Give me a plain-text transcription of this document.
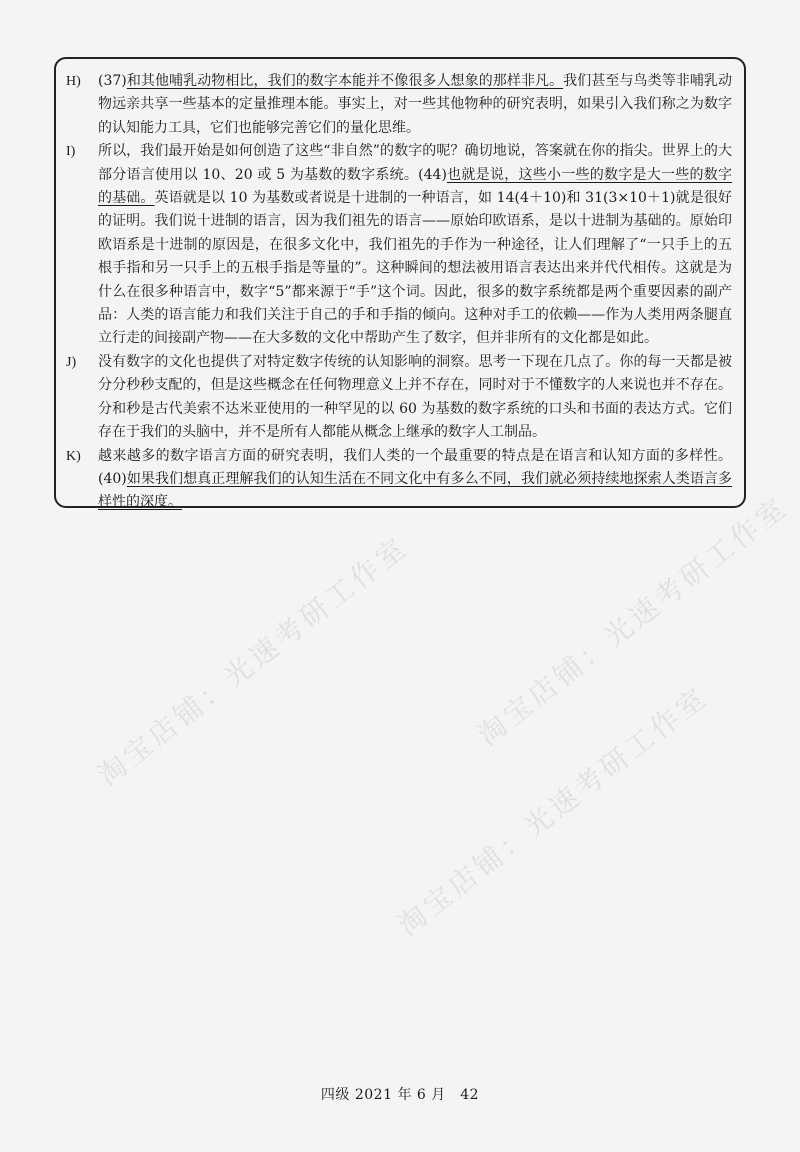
H) (37)和其他哺乳动物相比，我们的数字本能并不像很多人想象的那样非凡。我们甚至与鸟类等非哺乳动物远亲共享一些基本的定量推理本能。事实上，对一些其他物种的研究表明，如果引入我们称之为数字的认知能力工具，它们也能够完善它们的量化思维。
I) 所以，我们最开始是如何创造了这些“非自然”的数字的呢？确切地说，答案就在你的指尖。世界上的大部分语言使用以 10、20 或 5 为基数的数字系统。(44)也就是说，这些小一些的数字是大一些的数字的基础。英语就是以 10 为基数或者说是十进制的一种语言，如 14(4＋10)和 31(3×10＋1)就是很好的证明。我们说十进制的语言，因为我们祖先的语言——原始印欧语系，是以十进制为基础的。原始印欧语系是十进制的原因是，在很多文化中，我们祖先的手作为一种途径，让人们理解了“一只手上的五根手指和另一只手上的五根手指是等量的”。这种瞬间的想法被用语言表达出来并代代相传。这就是为什么在很多种语言中，数字“5”都来源于“手”这个词。因此，很多的数字系统都是两个重要因素的副产品：人类的语言能力和我们关注于自己的手和手指的倾向。这种对手工的依赖——作为人类用两条腿直立行走的间接副产物——在大多数的文化中帮助产生了数字，但并非所有的文化都是如此。
J) 没有数字的文化也提供了对特定数字传统的认知影响的洞察。思考一下现在几点了。你的每一天都是被分分秒秒支配的，但是这些概念在任何物理意义上并不存在，同时对于不懂数字的人来说也并不存在。分和秒是古代美索不达米亚使用的一种罕见的以 60 为基数的数字系统的口头和书面的表达方式。它们存在于我们的头脑中，并不是所有人都能从概念上继承的数字人工制品。
K) 越来越多的数字语言方面的研究表明，我们人类的一个最重要的特点是在语言和认知方面的多样性。(40)如果我们想真正理解我们的认知生活在不同文化中有多么不同，我们就必须持续地探索人类语言多样性的深度。
淘宝店铺：光速考研工作室
淘宝店铺：光速考研工作室
淘宝店铺：光速考研工作室
四级 2021 年 6 月　42
